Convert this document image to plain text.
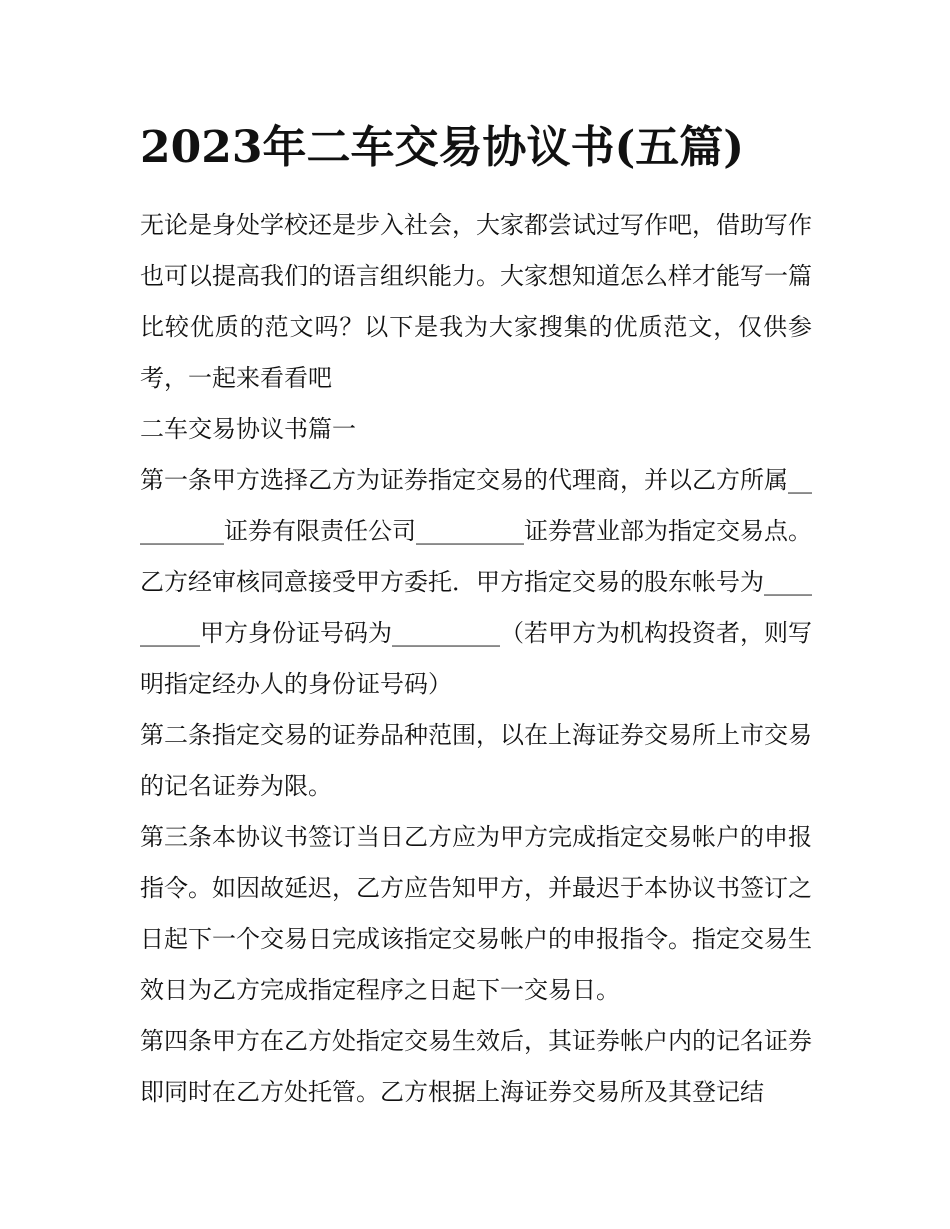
2023年二车交易协议书(五篇)

无论是身处学校还是步入社会，大家都尝试过写作吧，借助写作也可以提高我们的语言组织能力。大家想知道怎么样才能写一篇比较优质的范文吗？以下是我为大家搜集的优质范文，仅供参考，一起来看看吧

二车交易协议书篇一

第一条甲方选择乙方为证券指定交易的代理商，并以乙方所属_________证券有限责任公司_________证券营业部为指定交易点。乙方经审核同意接受甲方委托．甲方指定交易的股东帐号为_________甲方身份证号码为_________（若甲方为机构投资者，则写明指定经办人的身份证号码）

第二条指定交易的证券品种范围，以在上海证券交易所上市交易的记名证券为限。

第三条本协议书签订当日乙方应为甲方完成指定交易帐户的申报指令。如因故延迟，乙方应告知甲方，并最迟于本协议书签订之日起下一个交易日完成该指定交易帐户的申报指令。指定交易生效日为乙方完成指定程序之日起下一交易日。

第四条甲方在乙方处指定交易生效后，其证券帐户内的记名证券即同时在乙方处托管。乙方根据上海证券交易所及其登记结
